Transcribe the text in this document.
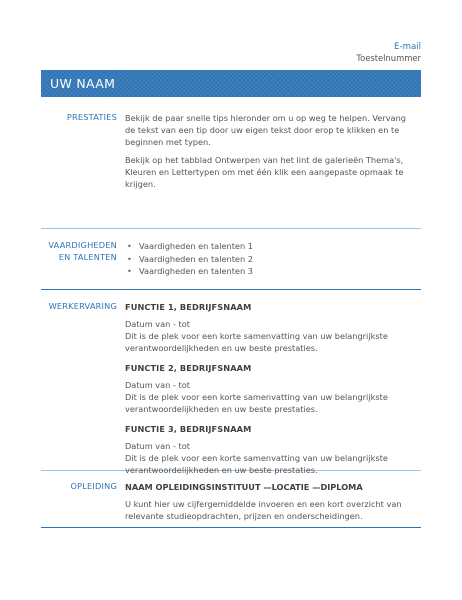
E-mail
Toestelnummer
UW NAAM
PRESTATIES Bekijk de paar snelle tips hieronder om u op weg te helpen. Vervang de tekst van een tip door uw eigen tekst door erop te klikken en te beginnen met typen.

Bekijk op het tabblad Ontwerpen van het lint de galerieën Thema's, Kleuren en Lettertypen om met één klik een aangepaste opmaak te krijgen.

VAARDIGHEDEN
EN TALENTEN
• Vaardigheden en talenten 1
• Vaardigheden en talenten 2
• Vaardigheden en talenten 3
WERKERVARING FUNCTIE 1, BEDRIJFSNAAM

Datum van - tot

Dit is de plek voor een korte samenvatting van uw belangrijkste verantwoordelijkheden en uw beste prestaties.

FUNCTIE 2, BEDRIJFSNAAM

Datum van - tot

Dit is de plek voor een korte samenvatting van uw belangrijkste verantwoordelijkheden en uw beste prestaties.

FUNCTIE 3, BEDRIJFSNAAM

Datum van - tot

Dit is de plek voor een korte samenvatting van uw belangrijkste verantwoordelijkheden en uw beste prestaties.

OPLEIDING NAAM OPLEIDINGSINSTITUUT —LOCATIE —DIPLOMA

U kunt hier uw cijfergemiddelde invoeren en een kort overzicht van relevante studieopdrachten, prijzen en onderscheidingen.
